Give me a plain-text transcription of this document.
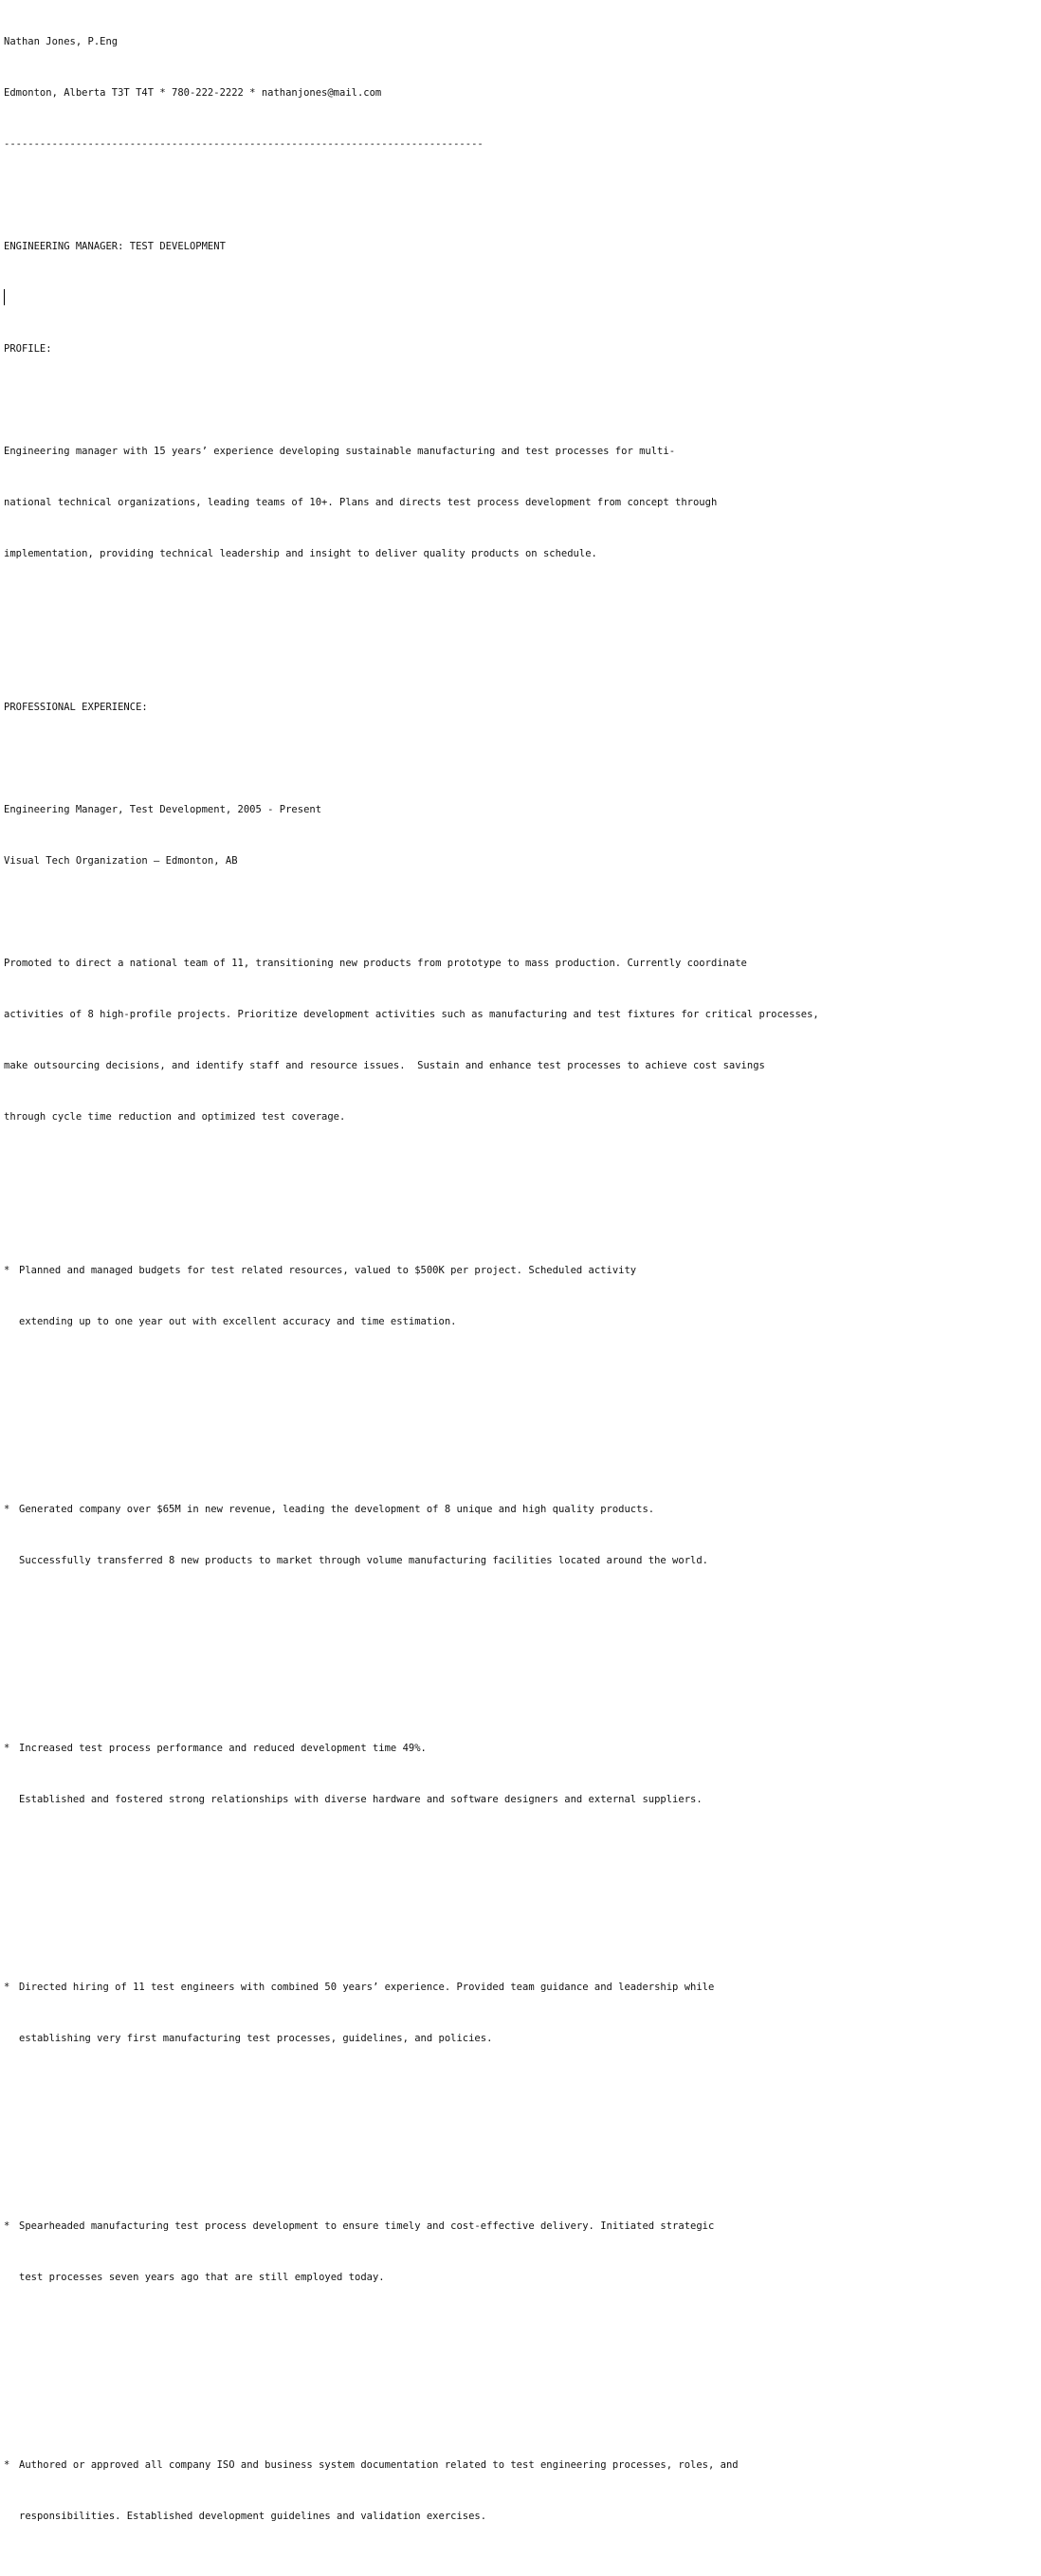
Nathan Jones, P.Eng

Edmonton, Alberta T3T T4T * 780-222-2222 * nathanjones@mail.com

--------------------------------------------------------------------------------

ENGINEERING MANAGER: TEST DEVELOPMENT

PROFILE:

Engineering manager with 15 years’ experience developing sustainable manufacturing and test processes for multi-

national technical organizations, leading teams of 10+. Plans and directs test process development from concept through

implementation, providing technical leadership and insight to deliver quality products on schedule.

PROFESSIONAL EXPERIENCE:

Engineering Manager, Test Development, 2005 - Present

Visual Tech Organization – Edmonton, AB

Promoted to direct a national team of 11, transitioning new products from prototype to mass production. Currently coordinate

activities of 8 high-profile projects. Prioritize development activities such as manufacturing and test fixtures for critical processes,

make outsourcing decisions, and identify staff and resource issues.  Sustain and enhance test processes to achieve cost savings

through cycle time reduction and optimized test coverage.

* Planned and managed budgets for test related resources, valued to $500K per project. Scheduled activity

extending up to one year out with excellent accuracy and time estimation.

* Generated company over $65M in new revenue, leading the development of 8 unique and high quality products.

Successfully transferred 8 new products to market through volume manufacturing facilities located around the world.

* Increased test process performance and reduced development time 49%.

Established and fostered strong relationships with diverse hardware and software designers and external suppliers.

* Directed hiring of 11 test engineers with combined 50 years’ experience. Provided team guidance and leadership while

establishing very first manufacturing test processes, guidelines, and policies.

* Spearheaded manufacturing test process development to ensure timely and cost-effective delivery. Initiated strategic

test processes seven years ago that are still employed today.

* Authored or approved all company ISO and business system documentation related to test engineering processes, roles, and

responsibilities. Established development guidelines and validation exercises.
